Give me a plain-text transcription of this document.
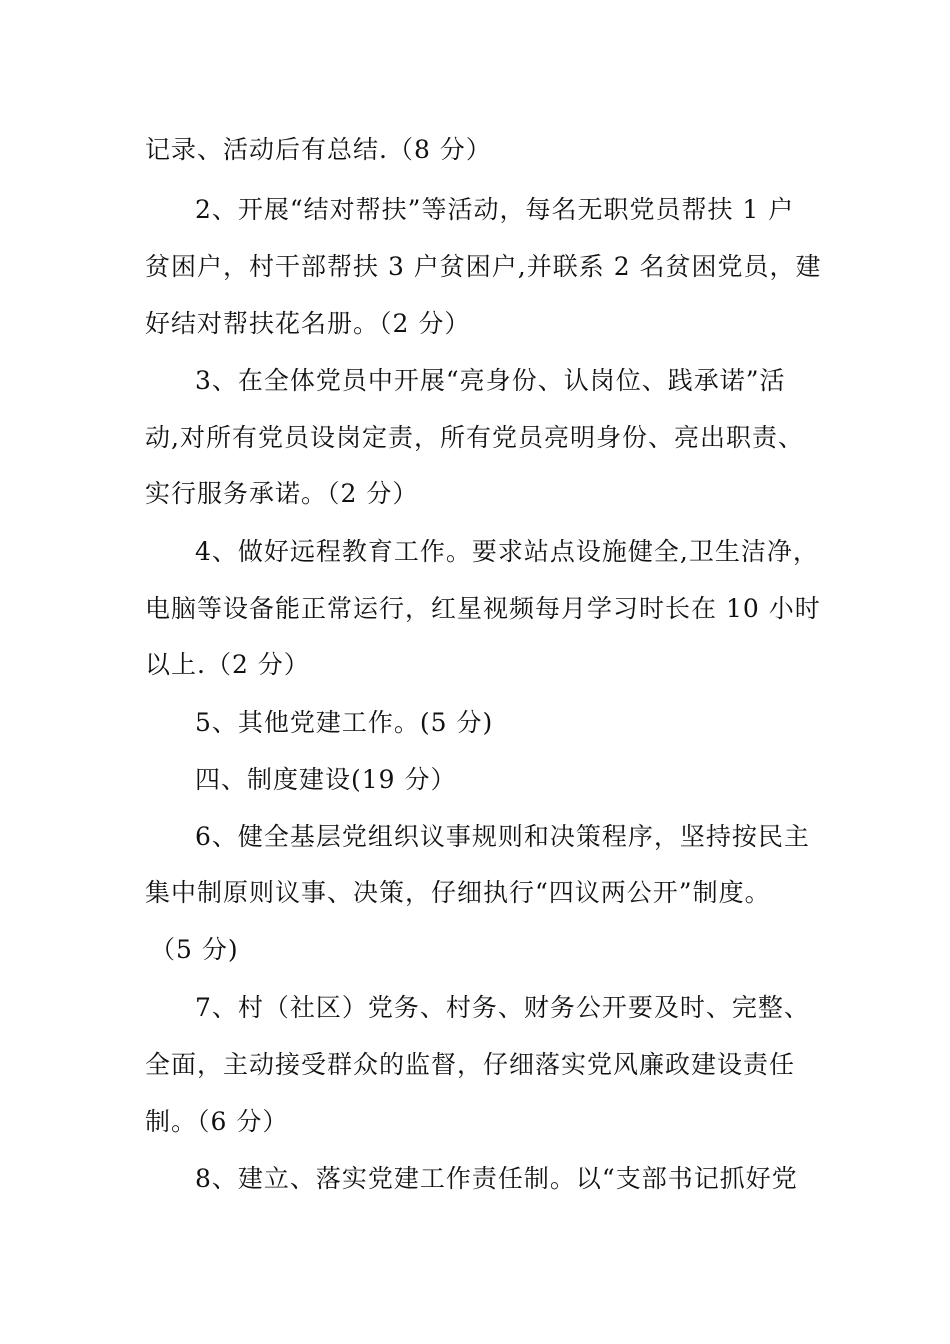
记录、活动后有总结.（8 分）
2、开展“结对帮扶”等活动，每名无职党员帮扶 1 户
贫困户，村干部帮扶 3 户贫困户,并联系 2 名贫困党员，建
好结对帮扶花名册。（2 分）
3、在全体党员中开展“亮身份、认岗位、践承诺”活
动,对所有党员设岗定责，所有党员亮明身份、亮出职责、
实行服务承诺。（2 分）
4、做好远程教育工作。要求站点设施健全,卫生洁净，
电脑等设备能正常运行，红星视频每月学习时长在 10 小时
以上.（2 分）
5、其他党建工作。(5 分)
四、制度建设(19 分）
6、健全基层党组织议事规则和决策程序，坚持按民主
集中制原则议事、决策，仔细执行“四议两公开”制度。
（5 分)
7、村（社区）党务、村务、财务公开要及时、完整、
全面，主动接受群众的监督，仔细落实党风廉政建设责任
制。（6 分）
8、建立、落实党建工作责任制。以“支部书记抓好党
